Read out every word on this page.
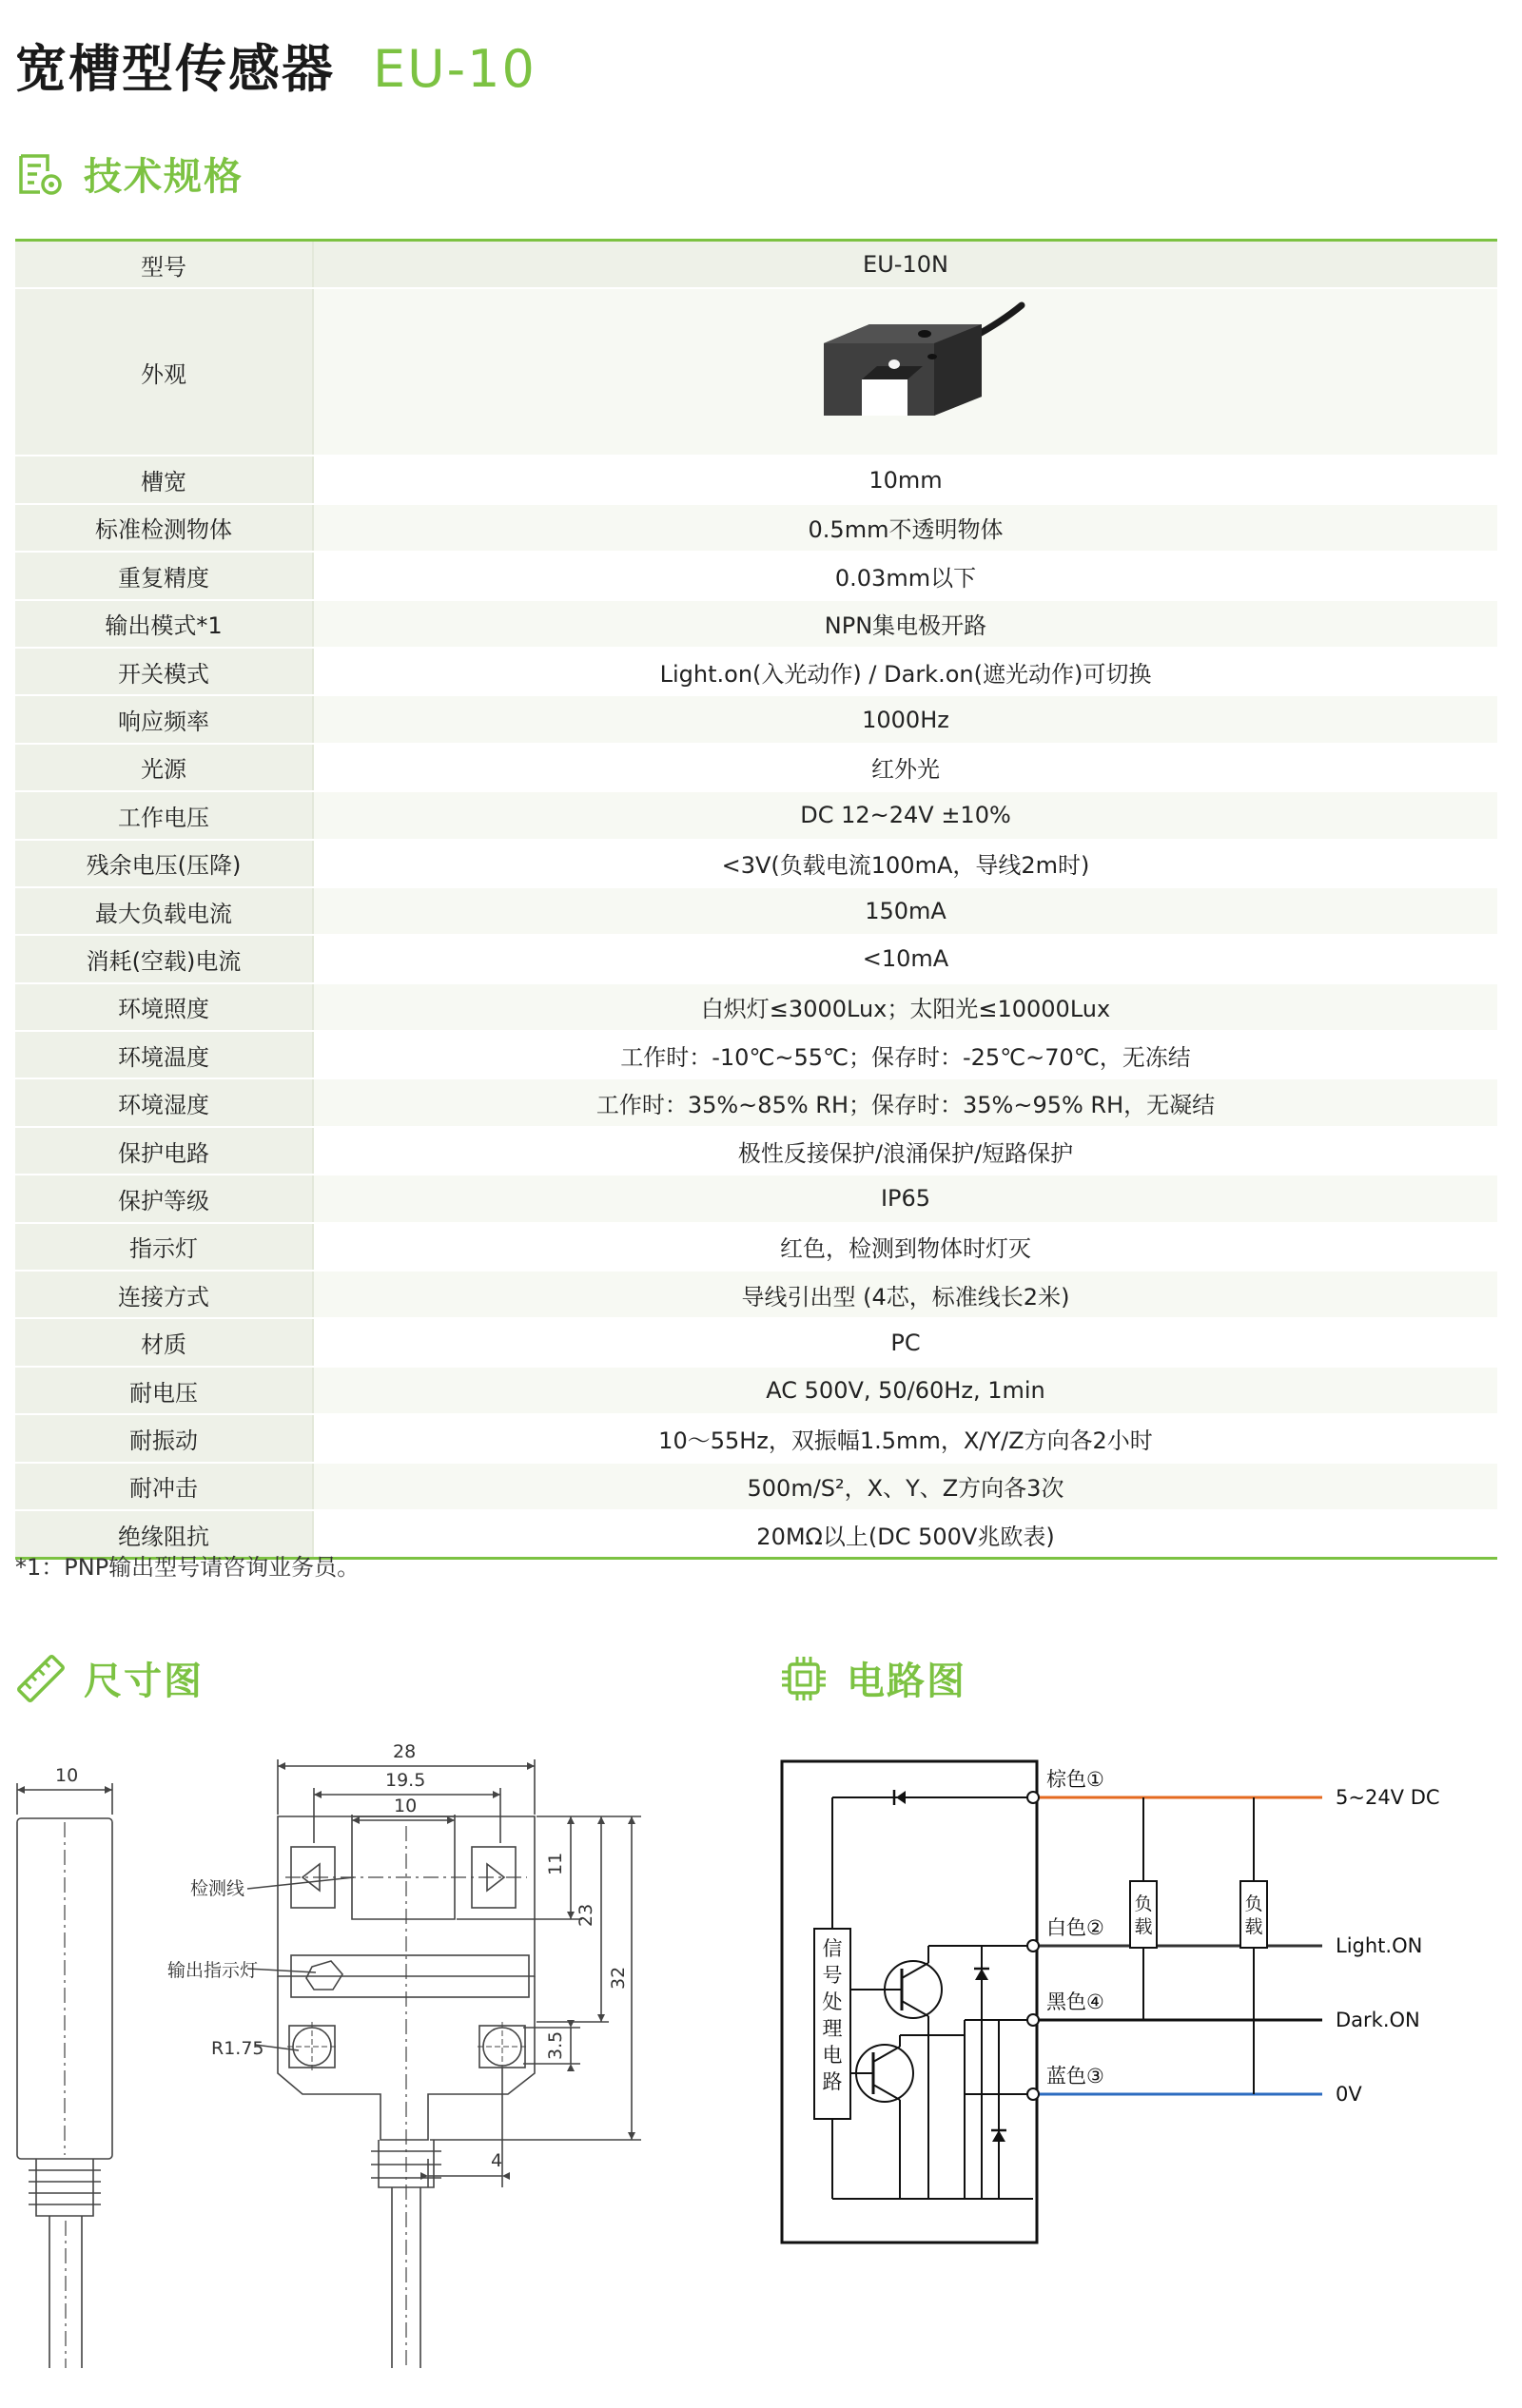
宽槽型传感器 EU-10
技术规格
型号	EU-10N
外观	
槽宽	10mm
标准检测物体	0.5mm不透明物体
重复精度	0.03mm以下
输出模式*1	NPN集电极开路
开关模式	Light.on(入光动作) / Dark.on(遮光动作)可切换
响应频率	1000Hz
光源	红外光
工作电压	DC 12~24V ±10%
残余电压(压降)	<3V(负载电流100mA，导线2m时)
最大负载电流	150mA
消耗(空载)电流	<10mA
环境照度	白炽灯≤3000Lux；太阳光≤10000Lux
环境温度	工作时：-10℃~55℃；保存时：-25℃~70℃，无冻结
环境湿度	工作时：35%~85% RH；保存时：35%~95% RH，无凝结
保护电路	极性反接保护/浪涌保护/短路保护
保护等级	IP65
指示灯	红色，检测到物体时灯灭
连接方式	导线引出型 (4芯，标准线长2米)
材质	PC
耐电压	AC 500V, 50/60Hz, 1min
耐振动	10～55Hz，双振幅1.5mm，X/Y/Z方向各2小时
耐冲击	500m/S²，X、Y、Z方向各3次
绝缘阻抗	20MΩ以上(DC 500V兆欧表)
*1：PNP输出型号请咨询业务员。
尺寸图	电路图
10
28
19.5
10
11
23
32
3.5
4
检测线
输出指示灯
R1.75
棕色①
5~24V DC
白色②
Light.ON
黑色④
Dark.ON
蓝色③
0V
信
号
处
理
电
路
负
载
负
载
